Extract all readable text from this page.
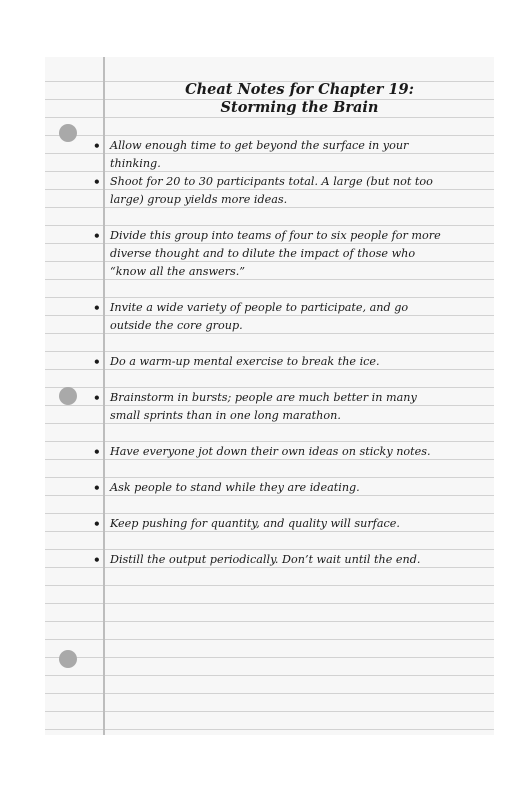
Cheat Notes for Chapter 19:
Storming the Brain
• Allow enough time to get beyond the surface in your thinking.
• Shoot for 20 to 30 participants total. A large (but not too large) group yields more ideas.
• Divide this group into teams of four to six people for more diverse thought and to dilute the impact of those who “know all the answers.”
• Invite a wide variety of people to participate, and go outside the core group.
• Do a warm-up mental exercise to break the ice.
• Brainstorm in bursts; people are much better in many small sprints than in one long marathon.
• Have everyone jot down their own ideas on sticky notes.
• Ask people to stand while they are ideating.
• Keep pushing for quantity, and quality will surface.
• Distill the output periodically. Don’t wait until the end.
